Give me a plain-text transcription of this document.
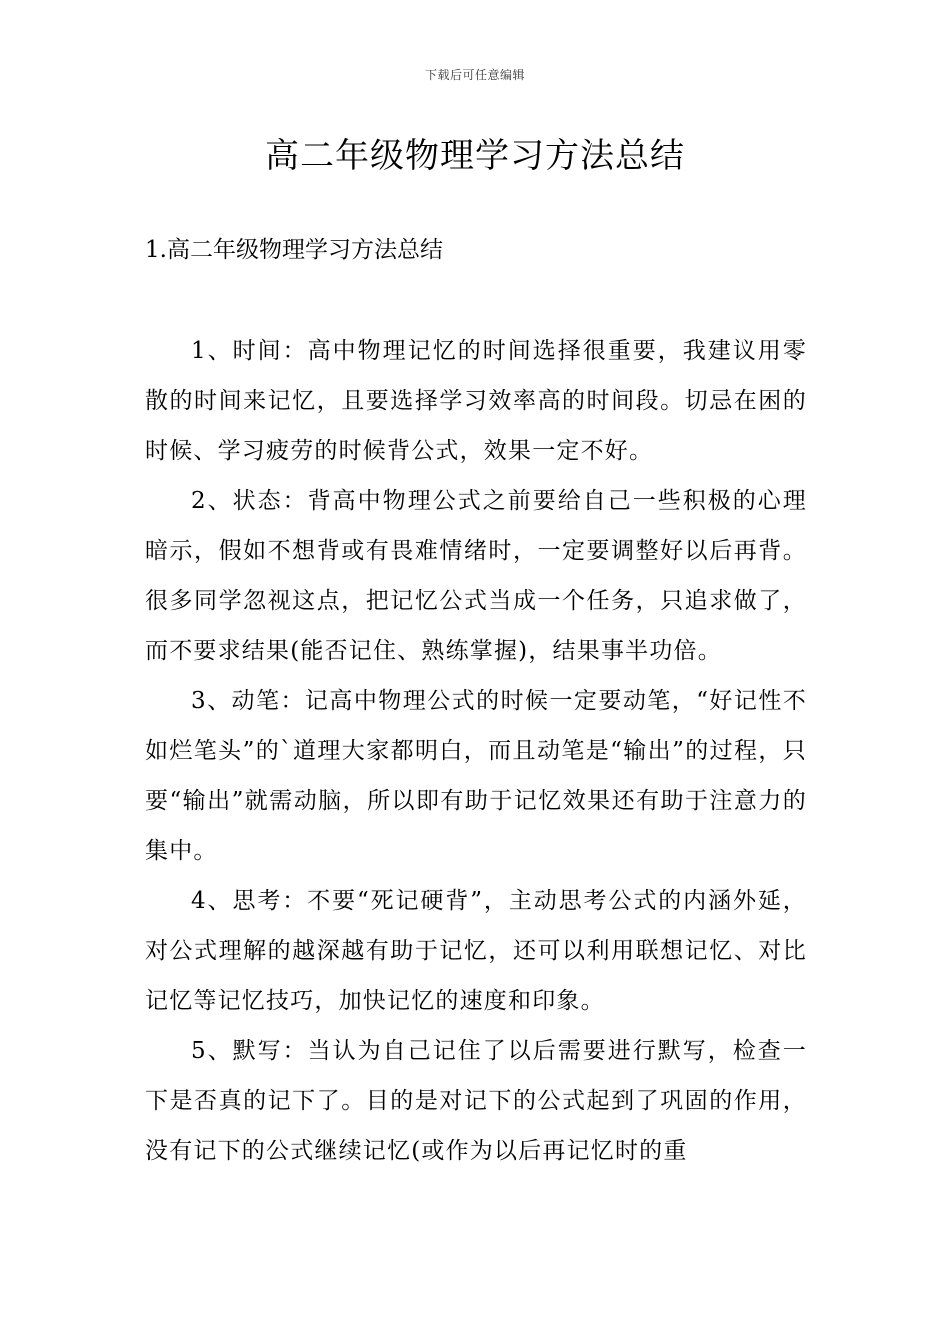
下载后可任意编辑
高二年级物理学习方法总结
1.高二年级物理学习方法总结

1、时间：高中物理记忆的时间选择很重要，我建议用零散的时间来记忆，且要选择学习效率高的时间段。切忌在困的时候、学习疲劳的时候背公式，效果一定不好。

2、状态：背高中物理公式之前要给自己一些积极的心理暗示，假如不想背或有畏难情绪时，一定要调整好以后再背。很多同学忽视这点，把记忆公式当成一个任务，只追求做了，而不要求结果(能否记住、熟练掌握)，结果事半功倍。

3、动笔：记高中物理公式的时候一定要动笔，“好记性不如烂笔头”的`道理大家都明白，而且动笔是“输出”的过程，只要“输出”就需动脑，所以即有助于记忆效果还有助于注意力的集中。

4、思考：不要“死记硬背”，主动思考公式的内涵外延，对公式理解的越深越有助于记忆，还可以利用联想记忆、对比记忆等记忆技巧，加快记忆的速度和印象。

5、默写：当认为自己记住了以后需要进行默写，检查一下是否真的记下了。目的是对记下的公式起到了巩固的作用，没有记下的公式继续记忆(或作为以后再记忆时的重
